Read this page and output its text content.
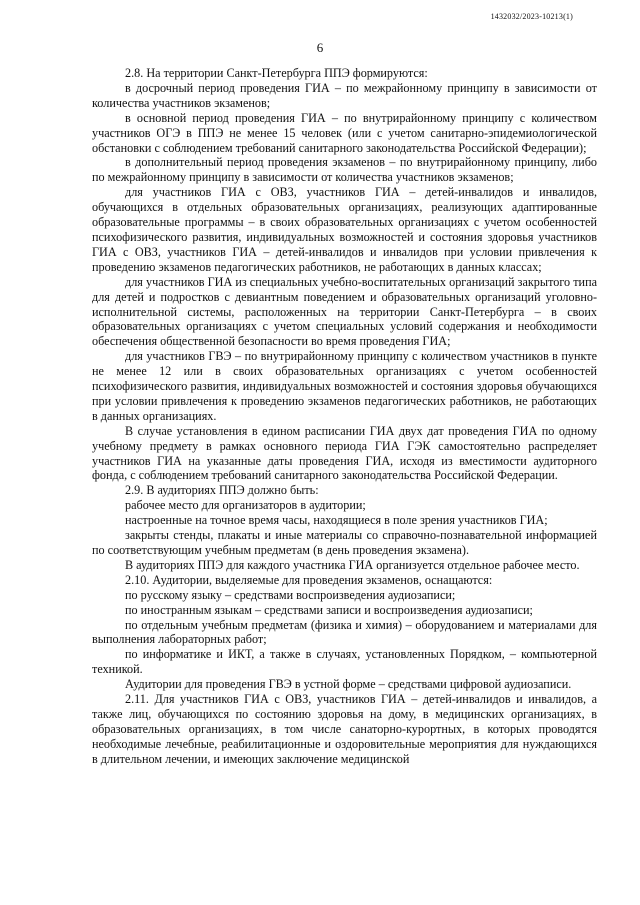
1432032/2023-10213(1)
6

2.8. На территории Санкт-Петербурга ППЭ формируются:

в досрочный период проведения ГИА – по межрайонному принципу в зависимости от количества участников экзаменов;

в основной период проведения ГИА – по внутрирайонному принципу с количеством участников ОГЭ в ППЭ не менее 15 человек (или с учетом санитарно-эпидемиологической обстановки с соблюдением требований санитарного законодательства Российской Федерации);

в дополнительный период проведения экзаменов – по внутрирайонному принципу, либо по межрайонному принципу в зависимости от количества участников экзаменов;

для участников ГИА с ОВЗ, участников ГИА – детей-инвалидов и инвалидов, обучающихся в отдельных образовательных организациях, реализующих адаптированные образовательные программы – в своих образовательных организациях с учетом особенностей психофизического развития, индивидуальных возможностей и состояния здоровья участников ГИА с ОВЗ, участников ГИА – детей-инвалидов и инвалидов при условии привлечения к проведению экзаменов педагогических работников, не работающих в данных классах;

для участников ГИА из специальных учебно-воспитательных организаций закрытого типа для детей и подростков с девиантным поведением и образовательных организаций уголовно-исполнительной системы, расположенных на территории Санкт-Петербурга – в своих образовательных организациях с учетом специальных условий содержания и необходимости обеспечения общественной безопасности во время проведения ГИА;

для участников ГВЭ – по внутрирайонному принципу с количеством участников в пункте не менее 12 или в своих образовательных организациях с учетом особенностей психофизического развития, индивидуальных возможностей и состояния здоровья обучающихся при условии привлечения к проведению экзаменов педагогических работников, не работающих в данных организациях.

В случае установления в едином расписании ГИА двух дат проведения ГИА по одному учебному предмету в рамках основного периода ГИА ГЭК самостоятельно распределяет участников ГИА на указанные даты проведения ГИА, исходя из вместимости аудиторного фонда, с соблюдением требований санитарного законодательства Российской Федерации.

2.9. В аудиториях ППЭ должно быть:

рабочее место для организаторов в аудитории;

настроенные на точное время часы, находящиеся в поле зрения участников ГИА;

закрыты стенды, плакаты и иные материалы со справочно-познавательной информацией по соответствующим учебным предметам (в день проведения экзамена).

В аудиториях ППЭ для каждого участника ГИА организуется отдельное рабочее место.

2.10. Аудитории, выделяемые для проведения экзаменов, оснащаются:

по русскому языку – средствами воспроизведения аудиозаписи;

по иностранным языкам – средствами записи и воспроизведения аудиозаписи;

по отдельным учебным предметам (физика и химия) – оборудованием и материалами для выполнения лабораторных работ;

по информатике и ИКТ, а также в случаях, установленных Порядком, – компьютерной техникой.

Аудитории для проведения ГВЭ в устной форме – средствами цифровой аудиозаписи.

2.11. Для участников ГИА с ОВЗ, участников ГИА – детей-инвалидов и инвалидов, а также лиц, обучающихся по состоянию здоровья на дому, в медицинских организациях, в образовательных организациях, в том числе санаторно-курортных, в которых проводятся необходимые лечебные, реабилитационные и оздоровительные мероприятия для нуждающихся в длительном лечении, и имеющих заключение медицинской
